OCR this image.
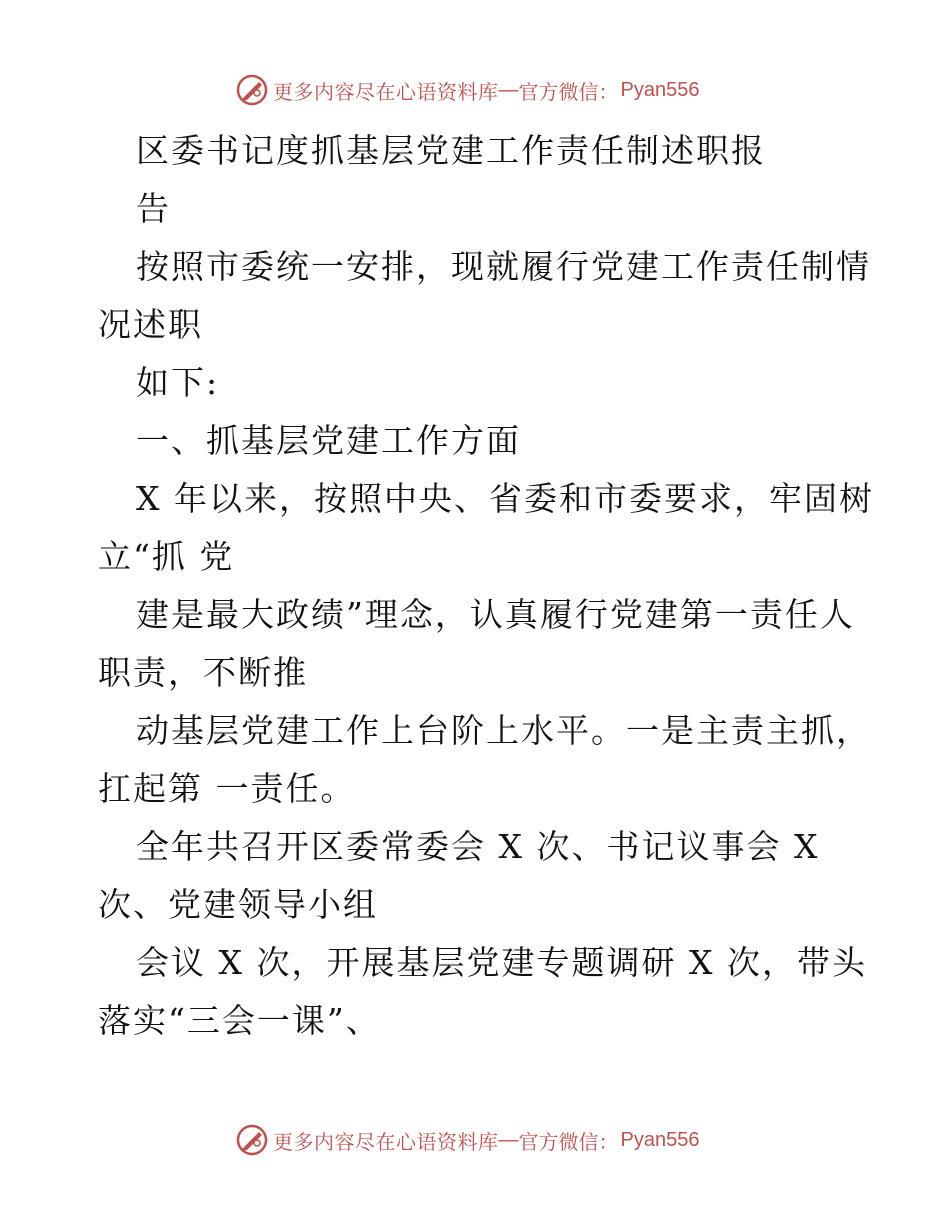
更多内容尽在心语资料库 — 官方微信： Pyan556
区委书记度抓基层党建工作责任制述职报
告
按照市委统一安排，现就履行党建工作责任制情
况述职
如下:
一、抓基层党建工作方面
X 年以来，按照中央、省委和市委要求，牢固树
立“抓 党
建是最大政绩”理念，认真履行党建第一责任人
职责，不断推
动基层党建工作上台阶上水平。一是主责主抓，
扛起第 一责任。
全年共召开区委常委会 X 次、书记议事会 X
次、党建领导小组
会议 X 次，开展基层党建专题调研 X 次，带头
落实“三会一课”、
更多内容尽在心语资料库 — 官方微信： Pyan556
